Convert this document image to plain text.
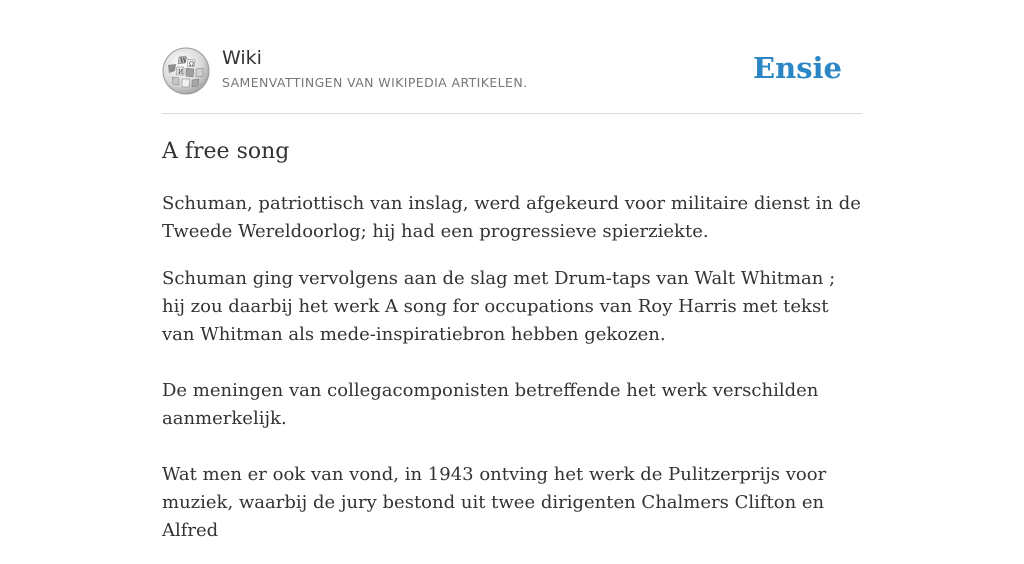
W Ω
И
Wiki
SAMENVATTINGEN VAN WIKIPEDIA ARTIKELEN.	Ensie
A free song

Schuman, patriottisch van inslag, werd afgekeurd voor militaire dienst in de Tweede Wereldoorlog; hij had een progressieve spierziekte.

Schuman ging vervolgens aan de slag met Drum-taps van Walt Whitman ; hij zou daarbij het werk A song for occupations van Roy Harris met tekst van Whitman als mede-inspiratiebron hebben gekozen.

De meningen van collegacomponisten betreffende het werk verschilden aanmerkelijk.

Wat men er ook van vond, in 1943 ontving het werk de Pulitzerprijs voor muziek, waarbij de jury bestond uit twee dirigenten Chalmers Clifton en Alfred
